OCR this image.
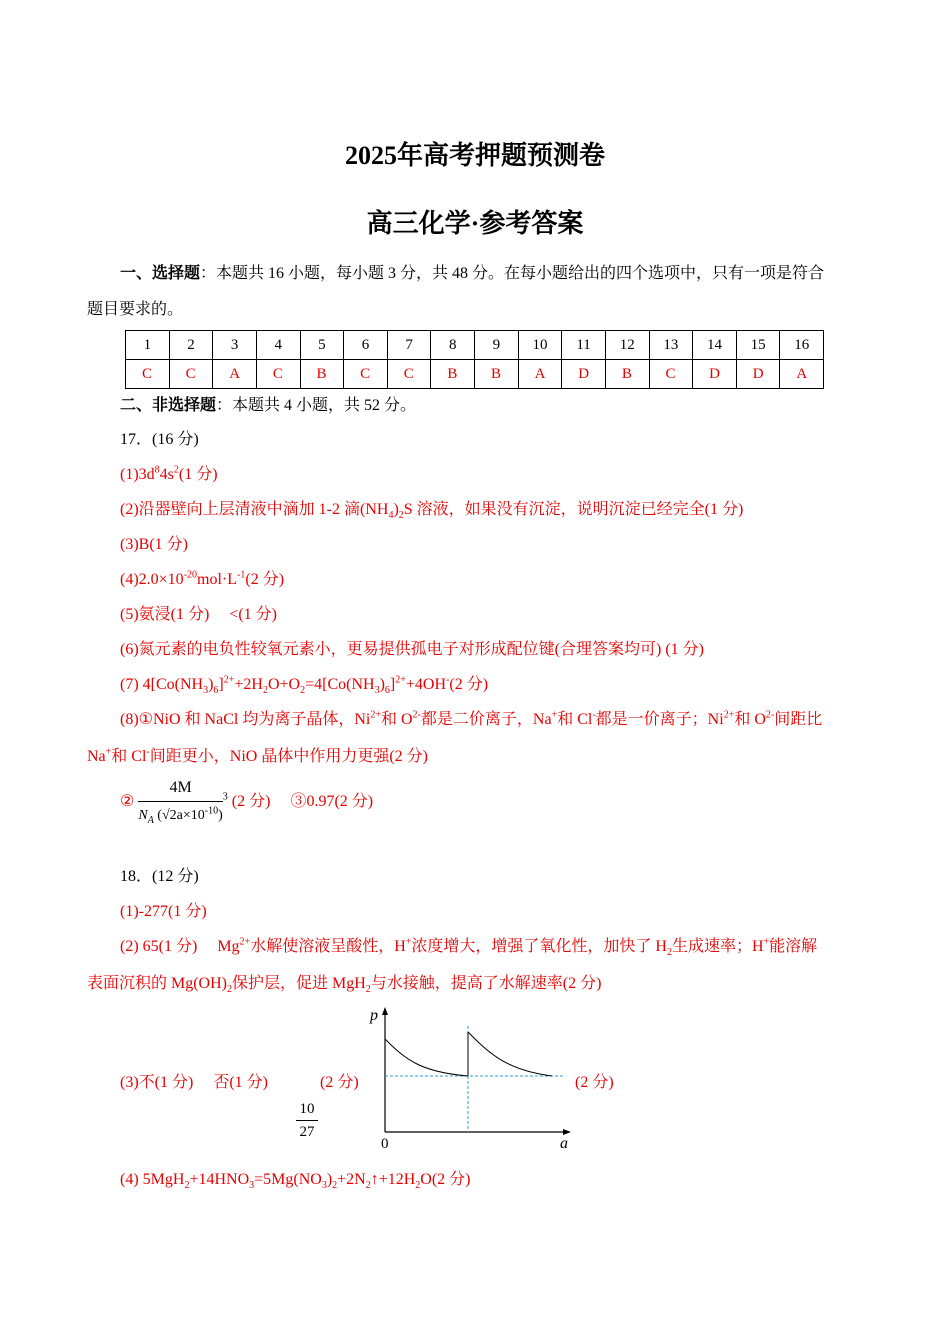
2025年高考押题预测卷
高三化学·参考答案
一、选择题：本题共 16 小题，每小题 3 分，共 48 分。在每小题给出的四个选项中，只有一项是符合
题目要求的。
1	2	3	4	5	6	7	8	9	10	11	12	13	14	15	16
C	C	A	C	B	C	C	B	B	A	D	B	C	D	D	A
二、非选择题：本题共 4 小题，共 52 分。
17．(16 分)
$(1)3d^84s^2(1$ 分)
(2)沿器壁向上层清液中滴加 1-2 滴$(NH_4)_2S$ 溶液，如果没有沉淀，说明沉淀已经完全(1 分)
(3)B(1 分)
$(4)2.0\times 10^{-20}mol\cdot L^{-1}(2$ 分)
(5)氨浸(1 分)     <(1 分)
(6)氮元素的电负性较氧元素小，更易提供孤电子对形成配位键(合理答案均可) (1 分)
(7) $4[Co(NH_3)_6]^{2+}+2H_2O+O_2=4[Co(NH_3)_6]^{2+}+4OH^-(2$ 分)
(8)①NiO 和 NaCl 均为离子晶体，$Ni^{2+}$和 $O^{2-}$都是二价离子，Na+和 Cl-都是一价离子；$Ni^{2+}$和 $O^{2-}$间距比
Na+和 Cl-间距更小，NiO 晶体中作用力更强(2 分)
② $\frac{4M}{N_A (√2a\times 10^{-10})} ^3$ (2 分)     ③0.97(2 分)
18．(12 分)
(1)-277(1 分)
(2) 65(1 分)     $Mg^{2+}$水解使溶液呈酸性，H+浓度增大，增强了氧化性，加快了 $H_2$生成速率；H+能溶解
表面沉积的 $Mg(OH)_2$保护层，促进 MgH$_2$与水接触，提高了水解速率(2 分)
(3)不(1 分)     否(1 分)	(2 分)	(2 分)
$\frac{10}{27}$
p
a
0
(4) $5MgH_2+14HNO_3=5Mg(NO_3)_2+2N_2↑+12H_2O(2$ 分)
